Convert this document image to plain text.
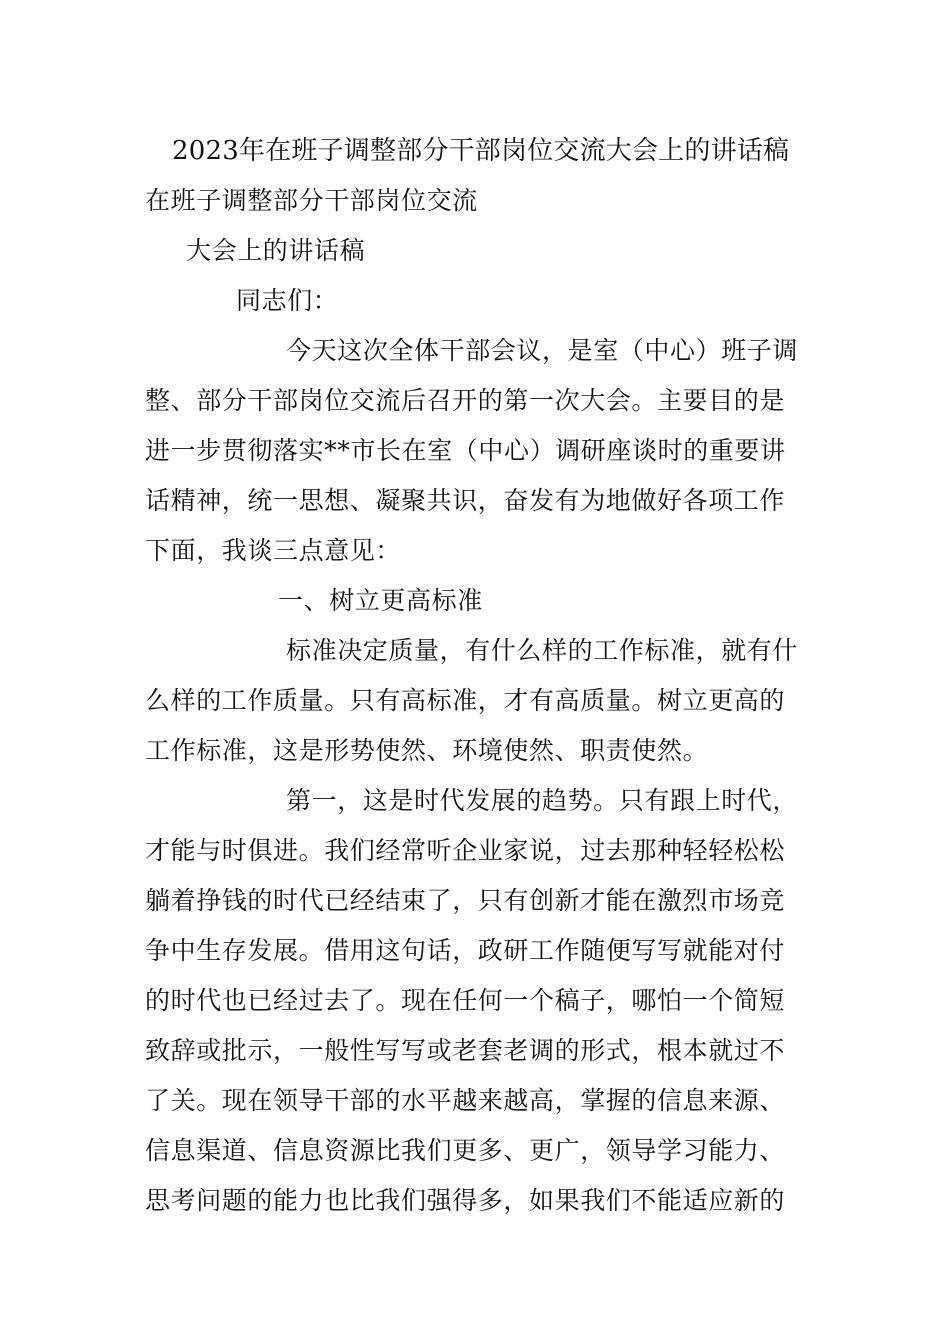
2023年在班子调整部分干部岗位交流大会上的讲话稿
在班子调整部分干部岗位交流
大会上的讲话稿
同志们：
今天这次全体干部会议，是室（中心）班子调
整、部分干部岗位交流后召开的第一次大会。主要目的是
进一步贯彻落实**市长在室（中心）调研座谈时的重要讲
话精神，统一思想、凝聚共识，奋发有为地做好各项工作
下面，我谈三点意见：
一、树立更高标准
标准决定质量，有什么样的工作标准，就有什
么样的工作质量。只有高标准，才有高质量。树立更高的
工作标准，这是形势使然、环境使然、职责使然。
第一，这是时代发展的趋势。只有跟上时代，
才能与时俱进。我们经常听企业家说，过去那种轻轻松松
躺着挣钱的时代已经结束了，只有创新才能在激烈市场竞
争中生存发展。借用这句话，政研工作随便写写就能对付
的时代也已经过去了。现在任何一个稿子，哪怕一个简短
致辞或批示，一般性写写或老套老调的形式，根本就过不
了关。现在领导干部的水平越来越高，掌握的信息来源、
信息渠道、信息资源比我们更多、更广，领导学习能力、
思考问题的能力也比我们强得多，如果我们不能适应新的
